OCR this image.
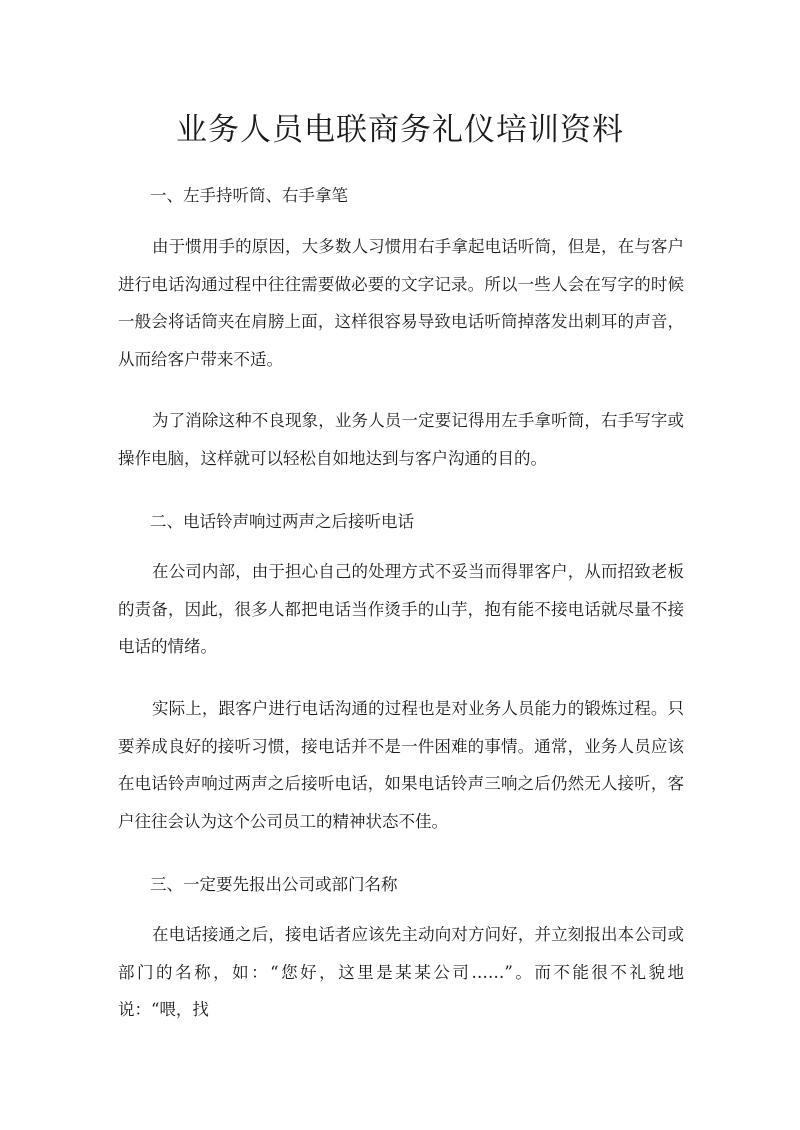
业务人员电联商务礼仪培训资料

一、左手持听筒、右手拿笔

由于惯用手的原因，大多数人习惯用右手拿起电话听筒，但是，在与客户进行电话沟通过程中往往需要做必要的文字记录。所以一些人会在写字的时候一般会将话筒夹在肩膀上面，这样很容易导致电话听筒掉落发出刺耳的声音，从而给客户带来不适。

为了消除这种不良现象，业务人员一定要记得用左手拿听筒，右手写字或操作电脑，这样就可以轻松自如地达到与客户沟通的目的。

二、电话铃声响过两声之后接听电话

在公司内部，由于担心自己的处理方式不妥当而得罪客户，从而招致老板的责备，因此，很多人都把电话当作烫手的山芋，抱有能不接电话就尽量不接电话的情绪。

实际上，跟客户进行电话沟通的过程也是对业务人员能力的锻炼过程。只要养成良好的接听习惯，接电话并不是一件困难的事情。通常，业务人员应该在电话铃声响过两声之后接听电话，如果电话铃声三响之后仍然无人接听，客户往往会认为这个公司员工的精神状态不佳。

三、一定要先报出公司或部门名称

在电话接通之后，接电话者应该先主动向对方问好，并立刻报出本公司或部门的名称，如：“您好，这里是某某公司……”。而不能很不礼貌地说：“喂，找
